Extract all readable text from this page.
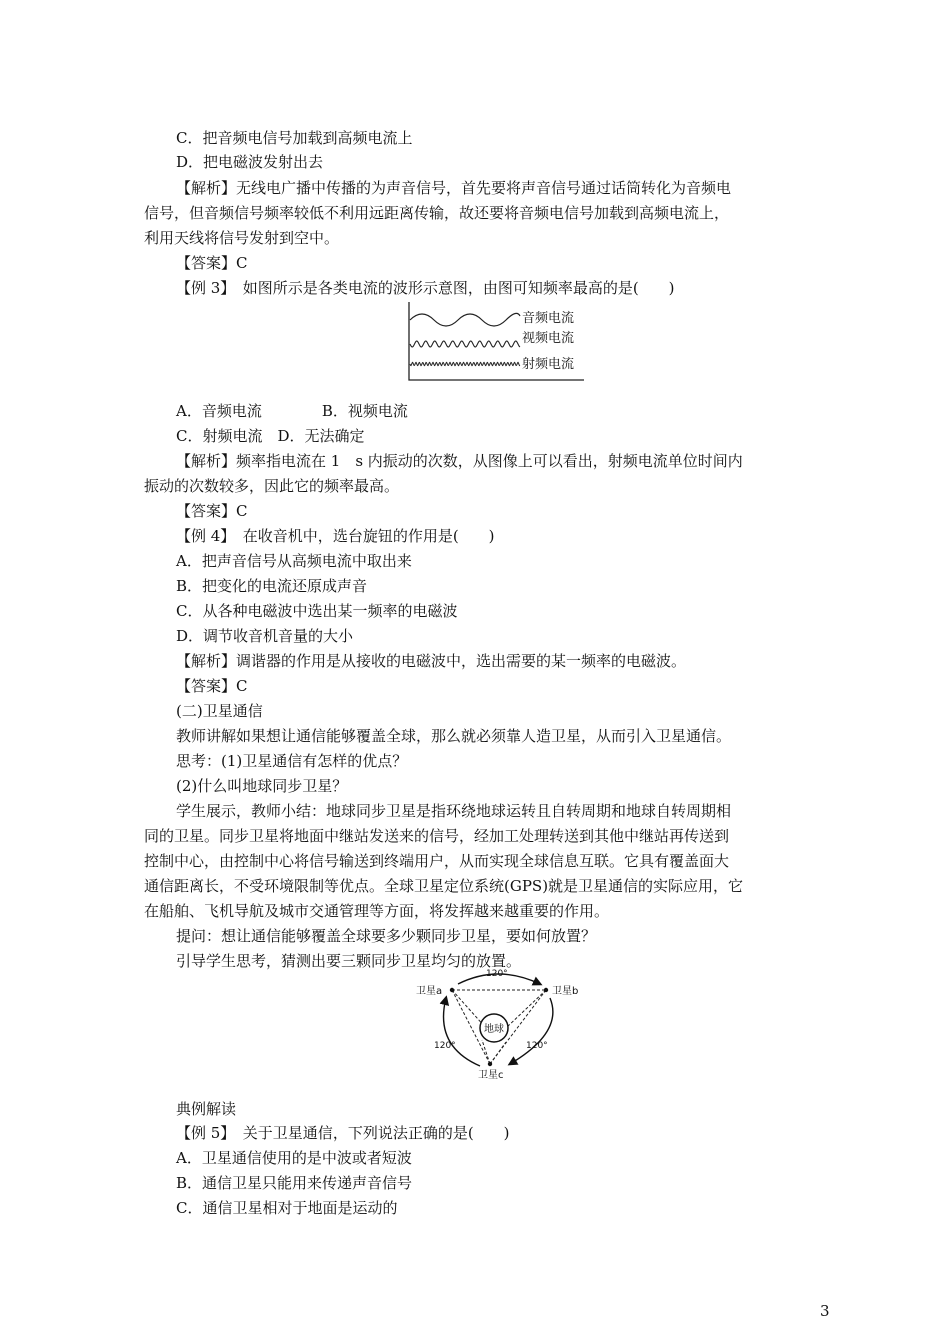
C．把音频电信号加载到高频电流上
D．把电磁波发射出去
【解析】无线电广播中传播的为声音信号，首先要将声音信号通过话筒转化为音频电
信号，但音频信号频率较低不利用远距离传输，故还要将音频电信号加载到高频电流上，
利用天线将信号发射到空中。
【答案】C
【例 3】　如图所示是各类电流的波形示意图，由图可知频率最高的是(　　)
音频电流
视频电流
射频电流
A．音频电流　　　　B．视频电流
C．射频电流　D．无法确定
【解析】频率指电流在 1　s 内振动的次数，从图像上可以看出，射频电流单位时间内
振动的次数较多，因此它的频率最高。
【答案】C
【例 4】　在收音机中，选台旋钮的作用是(　　)
A．把声音信号从高频电流中取出来
B．把变化的电流还原成声音
C．从各种电磁波中选出某一频率的电磁波
D．调节收音机音量的大小
【解析】调谐器的作用是从接收的电磁波中，选出需要的某一频率的电磁波。
【答案】C
(二)卫星通信
教师讲解如果想让通信能够覆盖全球，那么就必须靠人造卫星，从而引入卫星通信。
思考：(1)卫星通信有怎样的优点？
(2)什么叫地球同步卫星？
学生展示，教师小结：地球同步卫星是指环绕地球运转且自转周期和地球自转周期相
同的卫星。同步卫星将地面中继站发送来的信号，经加工处理转送到其他中继站再传送到
控制中心，由控制中心将信号输送到终端用户，从而实现全球信息互联。它具有覆盖面大
通信距离长，不受环境限制等优点。全球卫星定位系统(GPS)就是卫星通信的实际应用，它
在船舶、飞机导航及城市交通管理等方面，将发挥越来越重要的作用。
提问：想让通信能够覆盖全球要多少颗同步卫星，要如何放置？
引导学生思考，猜测出要三颗同步卫星均匀的放置。
地球
卫星a	卫星b
卫星c
120°
120°	120°
典例解读
【例 5】　关于卫星通信，下列说法正确的是(　　)
A．卫星通信使用的是中波或者短波
B．通信卫星只能用来传递声音信号
C．通信卫星相对于地面是运动的
3
